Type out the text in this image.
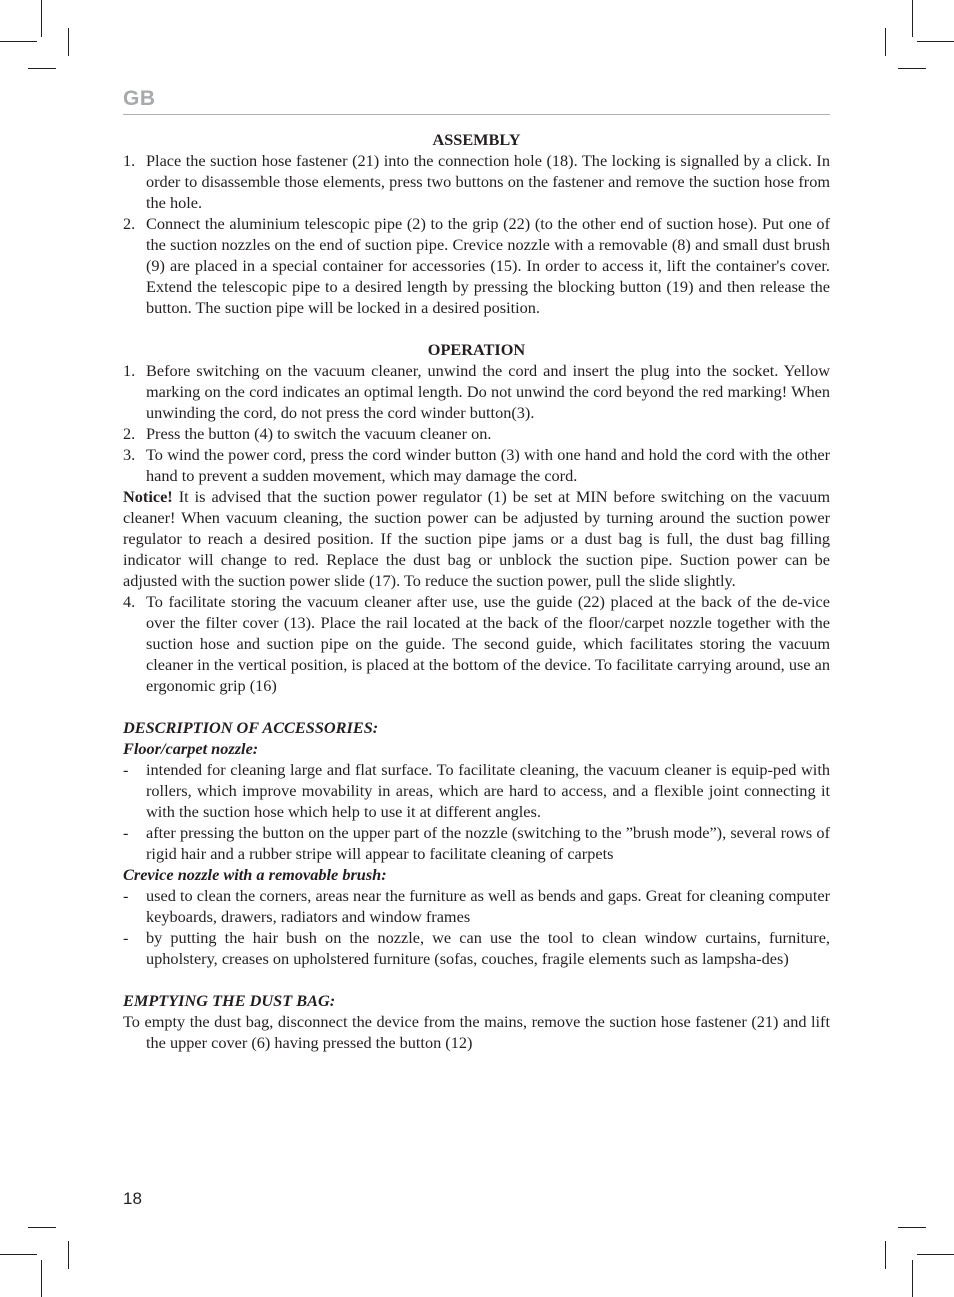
GB
ASSEMBLY
1. Place the suction hose fastener (21) into the connection hole (18). The locking is signalled by a click. In order to disassemble those elements, press two buttons on the fastener and remove the suction hose from the hole.
2. Connect the aluminium telescopic pipe (2) to the grip (22) (to the other end of suction hose). Put one of the suction nozzles on the end of suction pipe. Crevice nozzle with a removable (8) and small dust brush (9) are placed in a special container for accessories (15). In order to access it, lift the container's cover. Extend the telescopic pipe to a desired length by pressing the blocking button (19) and then release the button. The suction pipe will be locked in a desired position.
OPERATION
1. Before switching on the vacuum cleaner, unwind the cord and insert the plug into the socket. Yellow marking on the cord indicates an optimal length. Do not unwind the cord beyond the red marking! When unwinding the cord, do not press the cord winder button(3).
2. Press the button (4) to switch the vacuum cleaner on.
3. To wind the power cord, press the cord winder button (3) with one hand and hold the cord with the other hand to prevent a sudden movement, which may damage the cord.

Notice! It is advised that the suction power regulator (1) be set at MIN before switching on the vacuum cleaner! When vacuum cleaning, the suction power can be adjusted by turning around the suction power regulator to reach a desired position. If the suction pipe jams or a dust bag is full, the dust bag filling indicator will change to red. Replace the dust bag or unblock the suction pipe. Suction power can be adjusted with the suction power slide (17). To reduce the suction power, pull the slide slightly.

4. To facilitate storing the vacuum cleaner after use, use the guide (22) placed at the back of the de-vice over the filter cover (13). Place the rail located at the back of the floor/carpet nozzle together with the suction hose and suction pipe on the guide. The second guide, which facilitates storing the vacuum cleaner in the vertical position, is placed at the bottom of the device. To facilitate carrying around, use an ergonomic grip (16)
DESCRIPTION OF ACCESSORIES:
Floor/carpet nozzle:
- intended for cleaning large and flat surface. To facilitate cleaning, the vacuum cleaner is equip-ped with rollers, which improve movability in areas, which are hard to access, and a flexible joint connecting it with the suction hose which help to use it at different angles.
- after pressing the button on the upper part of the nozzle (switching to the ”brush mode”), several rows of rigid hair and a rubber stripe will appear to facilitate cleaning of carpets
Crevice nozzle with a removable brush:
- used to clean the corners, areas near the furniture as well as bends and gaps. Great for cleaning computer keyboards, drawers, radiators and window frames
- by putting the hair bush on the nozzle, we can use the tool to clean window curtains, furniture, upholstery, creases on upholstered furniture (sofas, couches, fragile elements such as lampsha-des)
EMPTYING THE DUST BAG:

To empty the dust bag, disconnect the device from the mains, remove the suction hose fastener (21) and lift the upper cover (6) having pressed the button (12)

18
